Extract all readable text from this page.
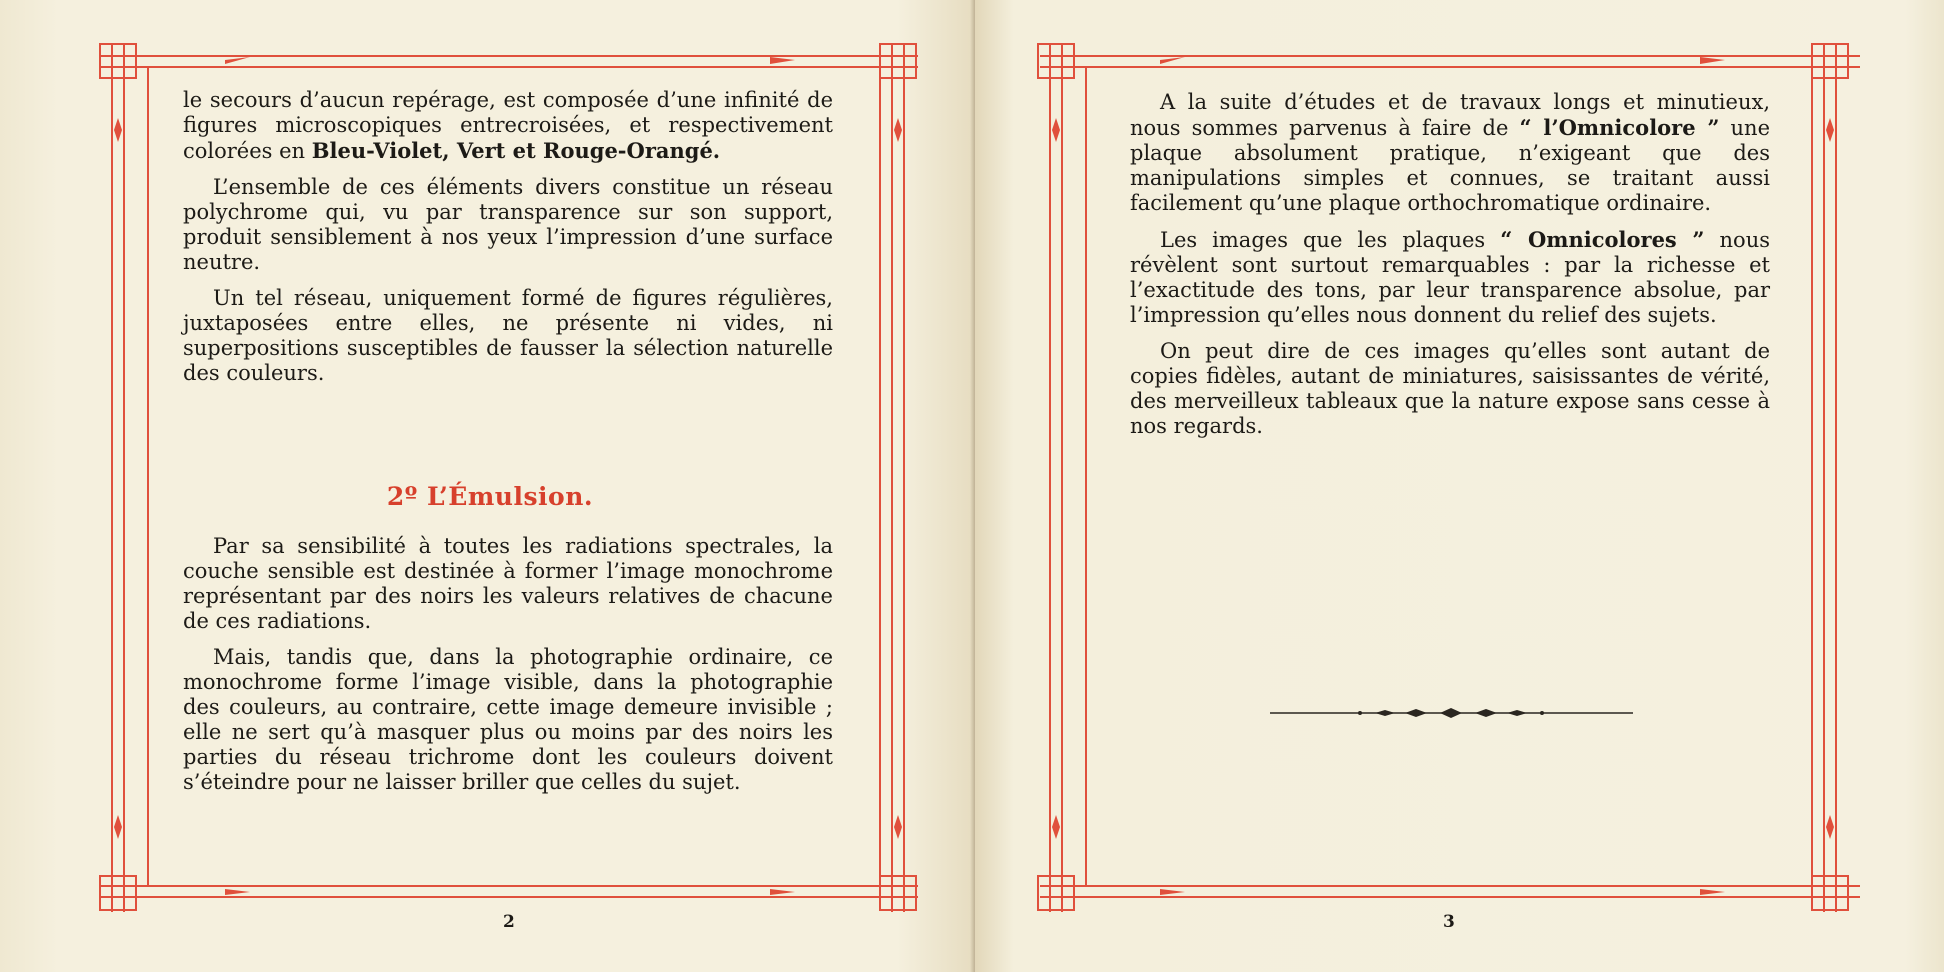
le secours d’aucun repérage, est composée d’une infinité de figures microscopiques entrecroisées, et respectivement colorées en Bleu-Violet, Vert et Rouge-Orangé.

L’ensemble de ces éléments divers constitue un réseau polychrome qui, vu par transparence sur son support, produit sensiblement à nos yeux l’impression d’une surface neutre.

Un tel réseau, uniquement formé de figures régulières, juxtaposées entre elles, ne présente ni vides, ni superpositions susceptibles de fausser la sélection naturelle des couleurs.

2º L’Émulsion.

Par sa sensibilité à toutes les radiations spectrales, la couche sensible est destinée à former l’image monochrome représentant par des noirs les valeurs relatives de chacune de ces radiations.

Mais, tandis que, dans la photographie ordinaire, ce monochrome forme l’image visible, dans la photographie des couleurs, au contraire, cette image demeure invisible ; elle ne sert qu’à masquer plus ou moins par des noirs les parties du réseau trichrome dont les couleurs doivent s’éteindre pour ne laisser briller que celles du sujet.

2

A la suite d’études et de travaux longs et minutieux, nous sommes parvenus à faire de “ l’Omnicolore ” une plaque absolument pratique, n’exigeant que des manipulations simples et connues, se traitant aussi facilement qu’une plaque orthochromatique ordinaire.

Les images que les plaques “ Omnicolores ” nous révèlent sont surtout remarquables : par la richesse et l’exactitude des tons, par leur transparence absolue, par l’impression qu’elles nous donnent du relief des sujets.

On peut dire de ces images qu’elles sont autant de copies fidèles, autant de miniatures, saisissantes de vérité, des merveilleux tableaux que la nature expose sans cesse à nos regards.

3
